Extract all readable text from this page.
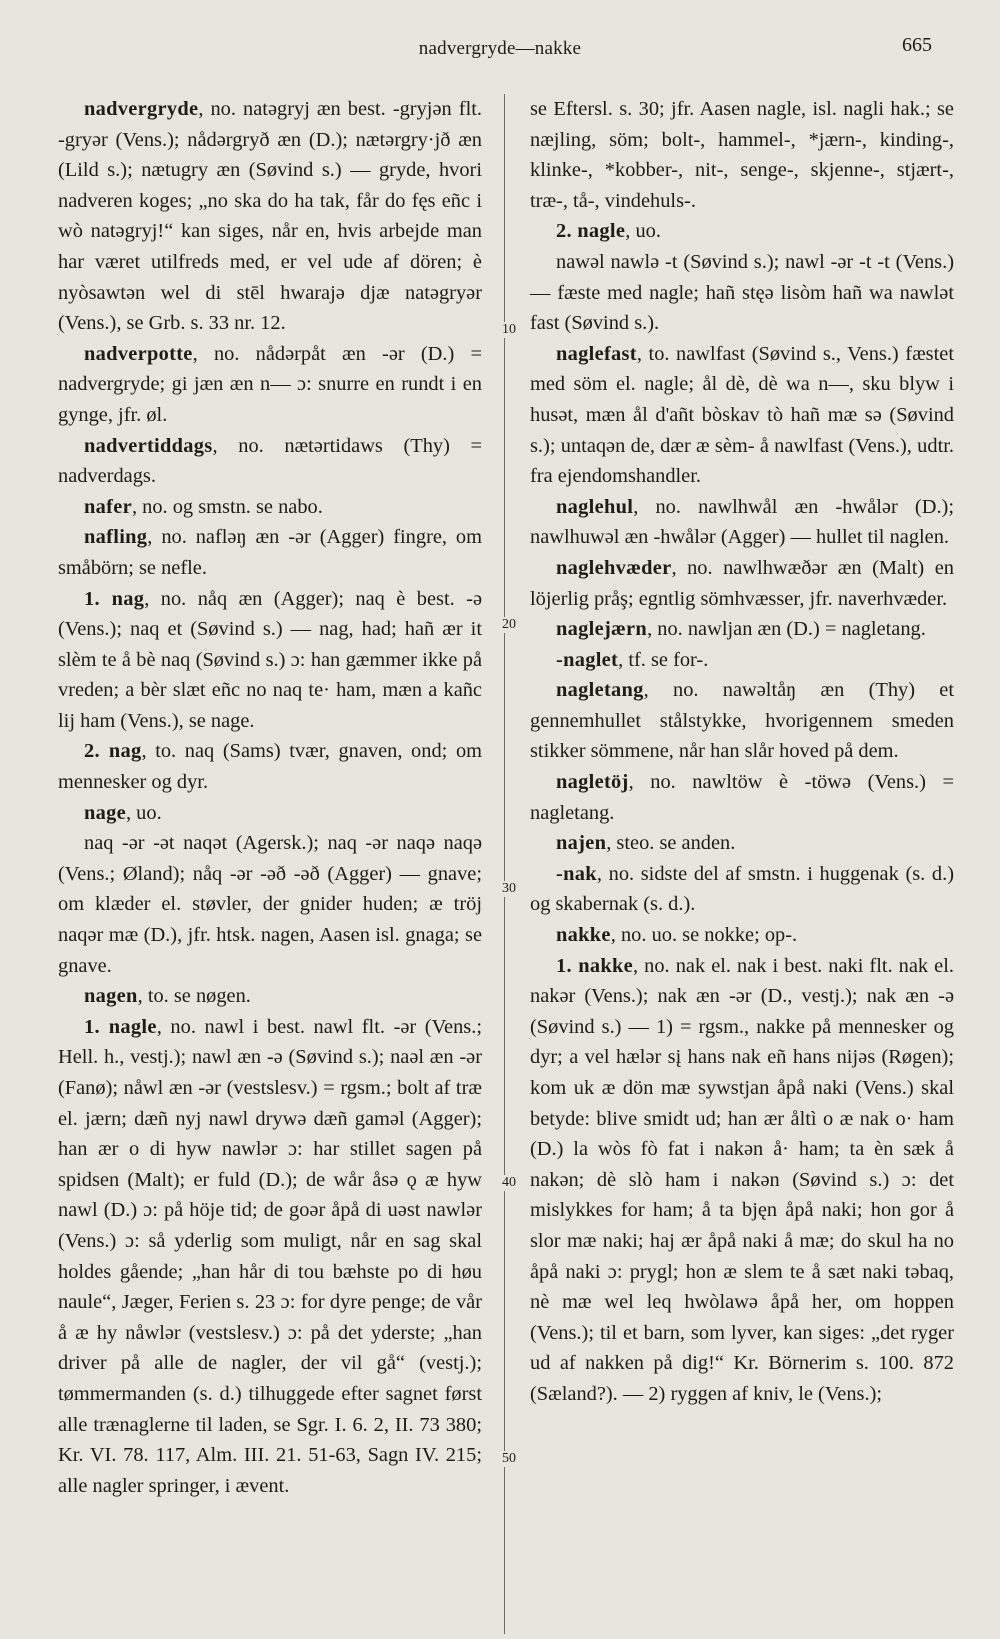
nadvergryde—nakke	665
10
20
30
40
50

nadvergryde, no. natəgryj æn best. -gryjən flt. -gryər (Vens.); nådərgryð æn (D.); nætərgry·jð æn (Lild s.); nætugry æn (Søvind s.) — gryde, hvori nadveren koges; „no ska do ha tak, får do fęs eñc i wò natəgryj!“ kan siges, når en, hvis arbejde man har været utilfreds med, er vel ude af dören; è nyòsawtən wel di stēl hwarajə djæ natəgryər (Vens.), se Grb. s. 33 nr. 12.

nadverpotte, no. nådərpåt æn -ər (D.) = nadvergryde; gi jæn æn n— ɔ: snurre en rundt i en gynge, jfr. øl.

nadvertiddags, no. nætərtidaws (Thy) = nadverdags.

nafer, no. og smstn. se nabo.

nafling, no. nafləŋ æn -ər (Agger) fingre, om småbörn; se nefle.

1. nag, no. nåq æn (Agger); naq è best. -ə (Vens.); naq et (Søvind s.) — nag, had; hañ ær it slèm te å bè naq (Søvind s.) ɔ: han gæmmer ikke på vreden; a bèr slæt eñc no naq te· ham, mæn a kañc lij ham (Vens.), se nage.

2. nag, to. naq (Sams) tvær, gnaven, ond; om mennesker og dyr.

nage, uo.

naq -ər -ət naqət (Agersk.); naq -ər naqə naqə (Vens.; Øland); nåq -ər -əð -əð (Agger) — gnave; om klæder el. støvler, der gnider huden; æ tröj naqər mæ (D.), jfr. htsk. nagen, Aasen isl. gnaga; se gnave.

nagen, to. se nøgen.

1. nagle, no. nawl i best. nawl flt. -ər (Vens.; Hell. h., vestj.); nawl æn -ə (Søvind s.); naəl æn -ər (Fanø); nåwl æn -ər (vestslesv.) = rgsm.; bolt af træ el. jærn; dæñ nyj nawl drywə dæñ gaməl (Agger); han ær o di hyw nawlər ɔ: har stillet sagen på spidsen (Malt); er fuld (D.); de wår åsə ǫ æ hyw nawl (D.) ɔ: på höje tid; de goər åpå di uəst nawlər (Vens.) ɔ: så yderlig som muligt, når en sag skal holdes gående; „han hår di tou bæhste po di høu naule“, Jæger, Ferien s. 23 ɔ: for dyre penge; de vår å æ hy nåwlər (vestslesv.) ɔ: på det yderste; „han driver på alle de nagler, der vil gå“ (vestj.); tømmermanden (s. d.) tilhuggede efter sagnet først alle trænaglerne til laden, se Sgr. I. 6. 2, II. 73 380; Kr. VI. 78. 117, Alm. III. 21. 51-63, Sagn IV. 215; alle nagler springer, i ævent.

se Eftersl. s. 30; jfr. Aasen nagle, isl. nagli hak.; se næjling, söm; bolt-, hammel-, *jærn-, kinding-, klinke-, *kobber-, nit-, senge-, skjenne-, stjært-, træ-, tå-, vindehuls-.

2. nagle, uo.

nawəl nawlə -t (Søvind s.); nawl -ər -t -t (Vens.) — fæste med nagle; hañ stęə lisòm hañ wa nawlət fast (Søvind s.).

naglefast, to. nawlfast (Søvind s., Vens.) fæstet med söm el. nagle; ål dè, dè wa n—, sku blyw i husət, mæn ål d'añt bòskav tò hañ mæ sə (Søvind s.); untaqən de, dær æ sèm- å nawlfast (Vens.), udtr. fra ejendomshandler.

naglehul, no. nawlhwål æn -hwålər (D.); nawlhuwəl æn -hwålər (Agger) — hullet til naglen.

naglehvæder, no. nawlhwæðər æn (Malt) en löjerlig pråş; egntlig sömhvæsser, jfr. naverhvæder.

naglejærn, no. nawljan æn (D.) = nagletang.

-naglet, tf. se for-.

nagletang, no. nawəltåŋ æn (Thy) et gennemhullet stålstykke, hvorigennem smeden stikker sömmene, når han slår hoved på dem.

nagletöj, no. nawltöw è -töwə (Vens.) = nagletang.

najen, steo. se anden.

-nak, no. sidste del af smstn. i huggenak (s. d.) og skabernak (s. d.).

nakke, no. uo. se nokke; op-.

1. nakke, no. nak el. nak i best. naki flt. nak el. nakər (Vens.); nak æn -ər (D., vestj.); nak æn -ə (Søvind s.) — 1) = rgsm., nakke på mennesker og dyr; a vel hælər sį hans nak eñ hans nijəs (Røgen); kom uk æ dön mæ sywstjan åpå naki (Vens.) skal betyde: blive smidt ud; han ær åltì o æ nak o· ham (D.) la wòs fò fat i nakən å· ham; ta èn sæk å nakən; dè slò ham i nakən (Søvind s.) ɔ: det mislykkes for ham; å ta bjęn åpå naki; hon gor å slor mæ naki; haj ær åpå naki å mæ; do skul ha no åpå naki ɔ: prygl; hon æ slem te å sæt naki təbaq, nè mæ wel leq hwòlawə åpå her, om hoppen (Vens.); til et barn, som lyver, kan siges: „det ryger ud af nakken på dig!“ Kr. Börnerim s. 100. 872 (Sæland?). — 2) ryggen af kniv, le (Vens.);
